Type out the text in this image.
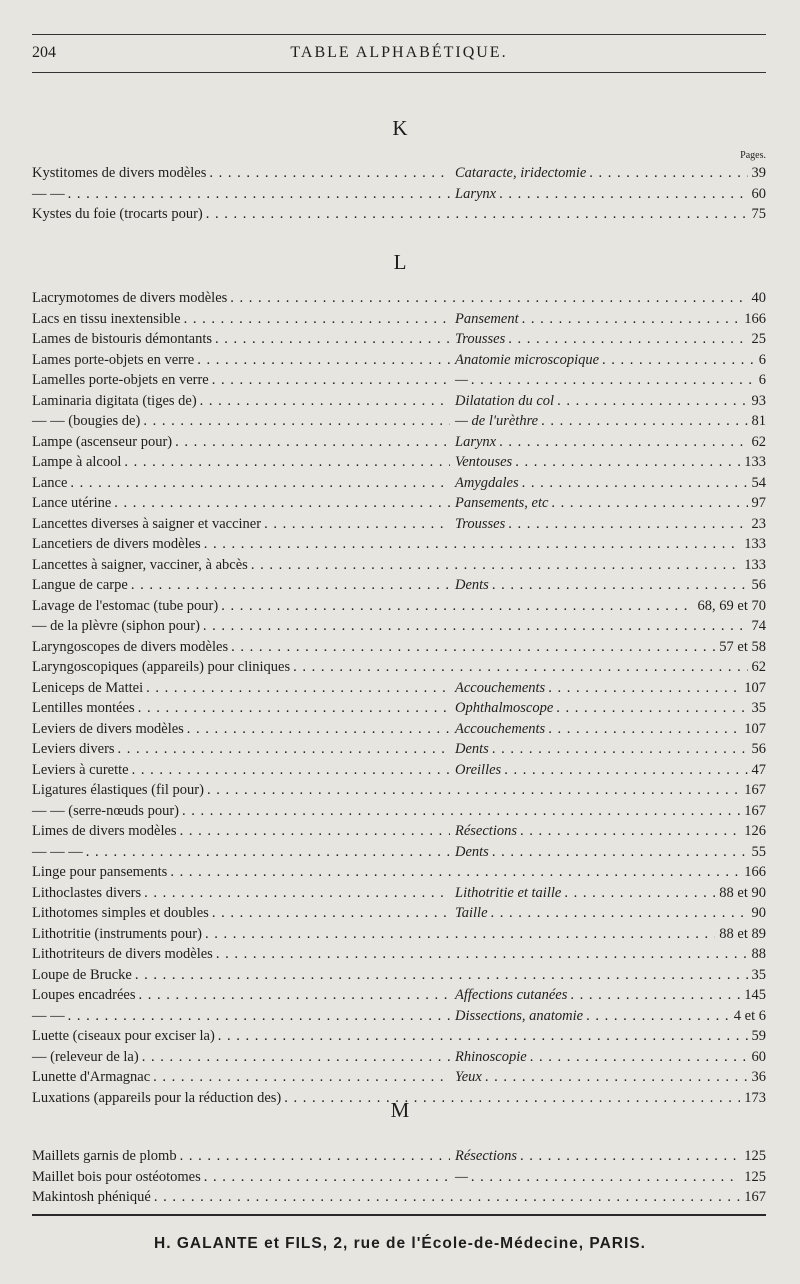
204	TABLE ALPHABÉTIQUE.
K
Pages.
Kystitomes de divers modèles	Cataracte, iridectomie . . .	39
. . .
— —	Larynx . . .	60
. . .
Kystes du foie (trocarts pour) . . .	75
L
Lacrymotomes de divers modèles . . .	40
Lacs en tissu inextensible	Pansement . . .	166
. . .
Lames de bistouris démontants	Trousses . . .	25
. . .
Lames porte-objets en verre	Anatomie microscopique . . .	6
. . .
Lamelles porte-objets en verre	— . . .	6
. . .
Laminaria digitata (tiges de)	Dilatation du col . . .	93
. . .
— — (bougies de)	— de l'urèthre . . .	81
. . .
Lampe (ascenseur pour)	Larynx . . .	62
. . .
Lampe à alcool	Ventouses . . .	133
. . .
Lance	Amygdales . . .	54
. . .
Lance utérine	Pansements, etc . . .	97
. . .
Lancettes diverses à saigner et vacciner	Trousses . . .	23
. . .
Lancetiers de divers modèles . . .	133
Lancettes à saigner, vacciner, à abcès . . .	133
Langue de carpe	Dents . . .	56
. . .
Lavage de l'estomac (tube pour) . . .	68, 69 et 70
— de la plèvre (siphon pour) . . .	74
Laryngoscopes de divers modèles . . .	57 et 58
Laryngoscopiques (appareils) pour cliniques . . .	62
Leniceps de Mattei	Accouchements . . .	107
. . .
Lentilles montées	Ophthalmoscope . . .	35
. . .
Leviers de divers modèles	Accouchements . . .	107
. . .
Leviers divers	Dents . . .	56
. . .
Leviers à curette	Oreilles . . .	47
. . .
Ligatures élastiques (fil pour) . . .	167
— — (serre-nœuds pour) . . .	167
Limes de divers modèles	Résections . . .	126
. . .
— — —	Dents . . .	55
. . .
Linge pour pansements . . .	166
Lithoclastes divers	Lithotritie et taille . . .	88 et 90
. . .
Lithotomes simples et doubles	Taille . . .	90
. . .
Lithotritie (instruments pour) . . .	88 et 89
Lithotriteurs de divers modèles . . .	88
Loupe de Brucke . . .	35
Loupes encadrées	Affections cutanées . . .	145
. . .
— —	Dissections, anatomie . . .	4 et 6
. . .
Luette (ciseaux pour exciser la) . . .	59
— (releveur de la)	Rhinoscopie . . .	60
. . .
Lunette d'Armagnac	Yeux . . .	36
. . .
Luxations (appareils pour la réduction des) . . .	173
M
Maillets garnis de plomb	Résections . . .	125
. . .
Maillet bois pour ostéotomes	— . . .	125
. . .
Makintosh phéniqué . . .	167
H. GALANTE et FILS, 2, rue de l'École-de-Médecine, PARIS.
